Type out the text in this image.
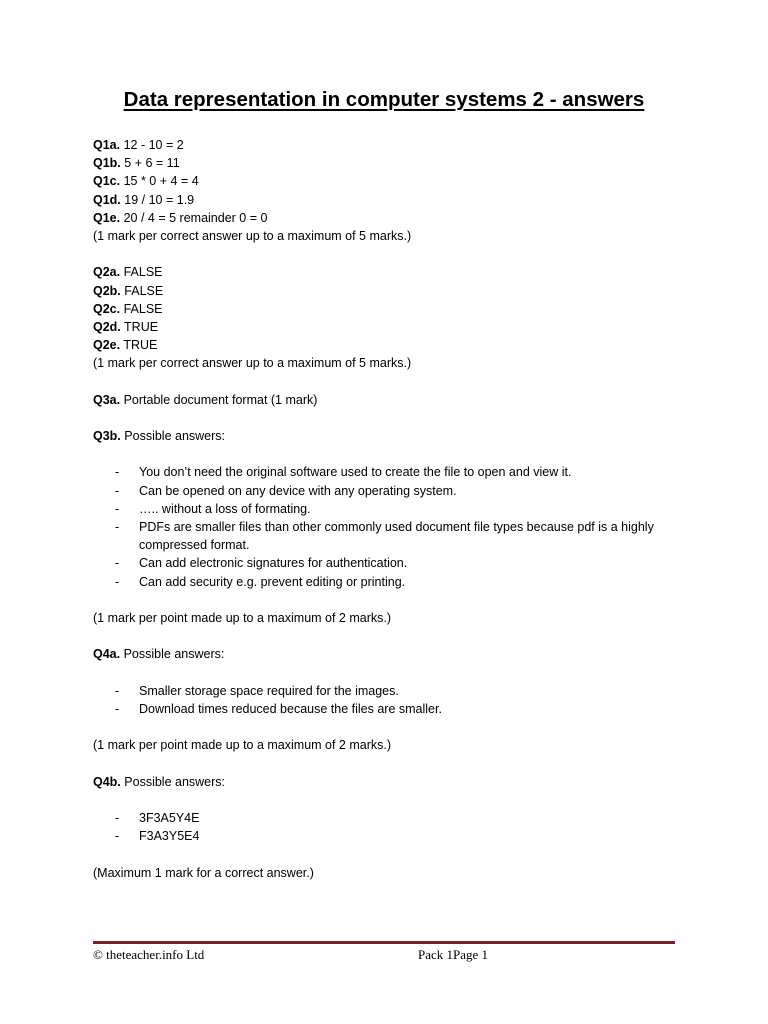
Data representation in computer systems 2 - answers
Q1a. 12 - 10 = 2
Q1b. 5 + 6 = 11
Q1c. 15 * 0 + 4 = 4
Q1d. 19 / 10 = 1.9
Q1e. 20 / 4 = 5 remainder 0 = 0
(1 mark per correct answer up to a maximum of 5 marks.)
Q2a. FALSE
Q2b. FALSE
Q2c. FALSE
Q2d. TRUE
Q2e. TRUE
(1 mark per correct answer up to a maximum of 5 marks.)
Q3a. Portable document format (1 mark)
Q3b. Possible answers:
- You don’t need the original software used to create the file to open and view it.
- Can be opened on any device with any operating system.
- ….. without a loss of formating.
- PDFs are smaller files than other commonly used document file types because pdf is a highly compressed format.
- Can add electronic signatures for authentication.
- Can add security e.g. prevent editing or printing.
(1 mark per point made up to a maximum of 2 marks.)
Q4a. Possible answers:
- Smaller storage space required for the images.
- Download times reduced because the files are smaller.
(1 mark per point made up to a maximum of 2 marks.)
Q4b. Possible answers:
- 3F3A5Y4E
- F3A3Y5E4
(Maximum 1 mark for a correct answer.)
© theteacher.info Ltd	Pack 1Page 1
